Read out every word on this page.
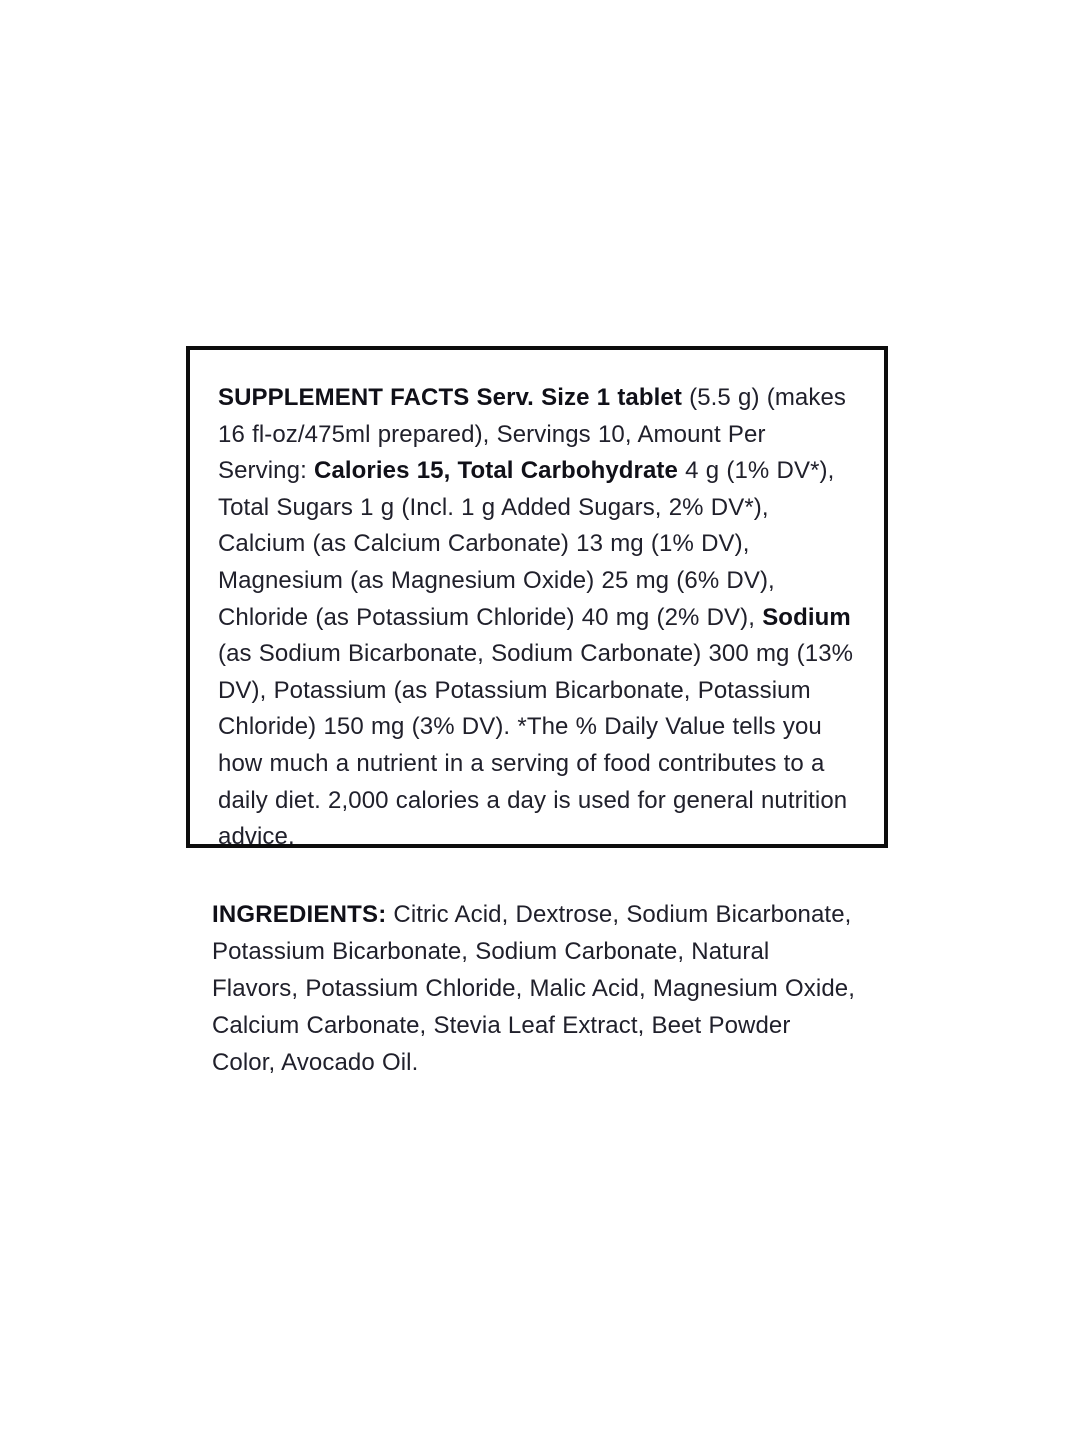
SUPPLEMENT FACTS Serv. Size 1 tablet (5.5 g) (makes 16 fl-oz/475ml prepared), Servings 10, Amount Per Serving: Calories 15, Total Carbohydrate 4 g (1% DV*), Total Sugars 1 g (Incl. 1 g Added Sugars, 2% DV*), Calcium (as Calcium Carbonate) 13 mg (1% DV), Magnesium (as Magnesium Oxide) 25 mg (6% DV), Chloride (as Potassium Chloride) 40 mg (2% DV), Sodium (as Sodium Bicarbonate, Sodium Carbonate) 300 mg (13% DV), Potassium (as Potassium Bicarbonate, Potassium Chloride) 150 mg (3% DV). *The % Daily Value tells you how much a nutrient in a serving of food contributes to a daily diet. 2,000 calories a day is used for general nutrition advice.
INGREDIENTS: Citric Acid, Dextrose, Sodium Bicarbonate, Potassium Bicarbonate, Sodium Carbonate, Natural Flavors, Potassium Chloride, Malic Acid, Magnesium Oxide, Calcium Carbonate, Stevia Leaf Extract, Beet Powder Color, Avocado Oil.
